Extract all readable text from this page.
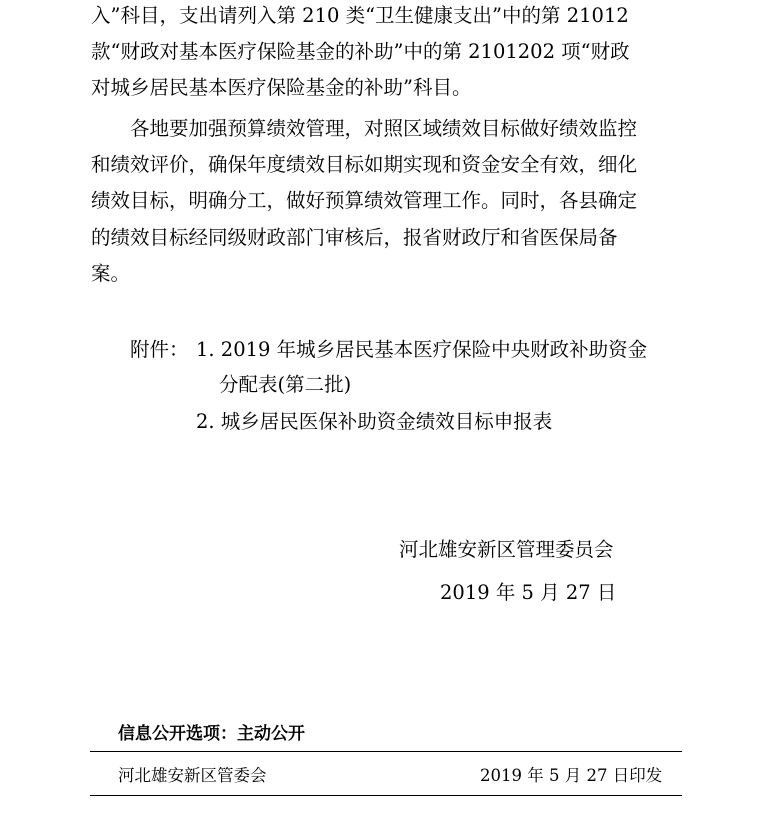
入”科目，支出请列入第 210 类“卫生健康支出”中的第 21012
款“财政对基本医疗保险基金的补助”中的第 2101202 项“财政
对城乡居民基本医疗保险基金的补助”科目。
各地要加强预算绩效管理，对照区域绩效目标做好绩效监控
和绩效评价，确保年度绩效目标如期实现和资金安全有效，细化
绩效目标，明确分工，做好预算绩效管理工作。同时，各县确定
的绩效目标经同级财政部门审核后，报省财政厅和省医保局备
案。
附件： 1. 2019 年城乡居民基本医疗保险中央财政补助资金
分配表(第二批)
2. 城乡居民医保补助资金绩效目标申报表
河北雄安新区管理委员会
2019 年 5 月 27 日
信息公开选项：主动公开
河北雄安新区管委会	2019 年 5 月 27 日印发
